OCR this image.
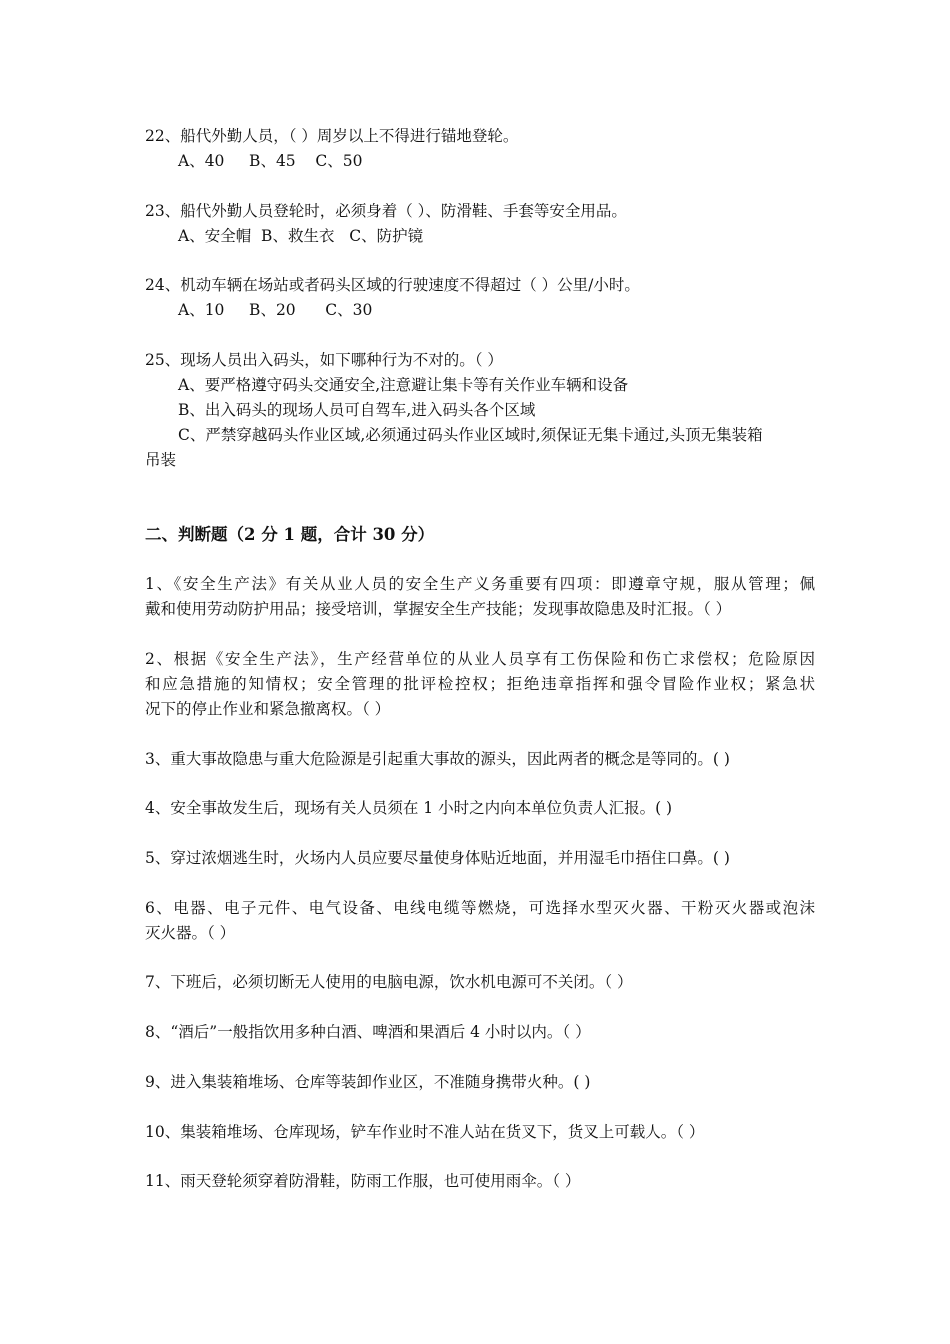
22、船代外勤人员，（ ）周岁以上不得进行锚地登轮。
A、40     B、45    C、50
23、船代外勤人员登轮时，必须身着（ ）、防滑鞋、手套等安全用品。
A、安全帽  B、救生衣   C、防护镜
24、机动车辆在场站或者码头区域的行驶速度不得超过（ ）公里/小时。
A、10     B、20      C、30
25、现场人员出入码头，如下哪种行为不对的。（ ）
A、要严格遵守码头交通安全,注意避让集卡等有关作业车辆和设备
B、出入码头的现场人员可自驾车,进入码头各个区域
C、严禁穿越码头作业区域,必须通过码头作业区域时,须保证无集卡通过,头顶无集装箱
吊装
二、判断题（2 分 1 题，合计 30 分）
1、《安全生产法》有关从业人员的安全生产义务重要有四项：即遵章守规，服从管理；佩
戴和使用劳动防护用品；接受培训，掌握安全生产技能；发现事故隐患及时汇报。（ ）
2、根据《安全生产法》，生产经营单位的从业人员享有工伤保险和伤亡求偿权；危险原因
和应急措施的知情权；安全管理的批评检控权；拒绝违章指挥和强令冒险作业权；紧急状
况下的停止作业和紧急撤离权。（ ）
3、重大事故隐患与重大危险源是引起重大事故的源头，因此两者的概念是等同的。( )
4、安全事故发生后，现场有关人员须在 1 小时之内向本单位负责人汇报。( )
5、穿过浓烟逃生时，火场内人员应要尽量使身体贴近地面，并用湿毛巾捂住口鼻。( )
6、电器、电子元件、电气设备、电线电缆等燃烧，可选择水型灭火器、干粉灭火器或泡沫
灭火器。（ ）
7、下班后，必须切断无人使用的电脑电源，饮水机电源可不关闭。（ ）
8、“酒后”一般指饮用多种白酒、啤酒和果酒后 4 小时以内。（ ）
9、进入集装箱堆场、仓库等装卸作业区，不准随身携带火种。( )
10、集装箱堆场、仓库现场，铲车作业时不准人站在货叉下，货叉上可载人。（ ）
11、雨天登轮须穿着防滑鞋，防雨工作服，也可使用雨伞。（ ）
